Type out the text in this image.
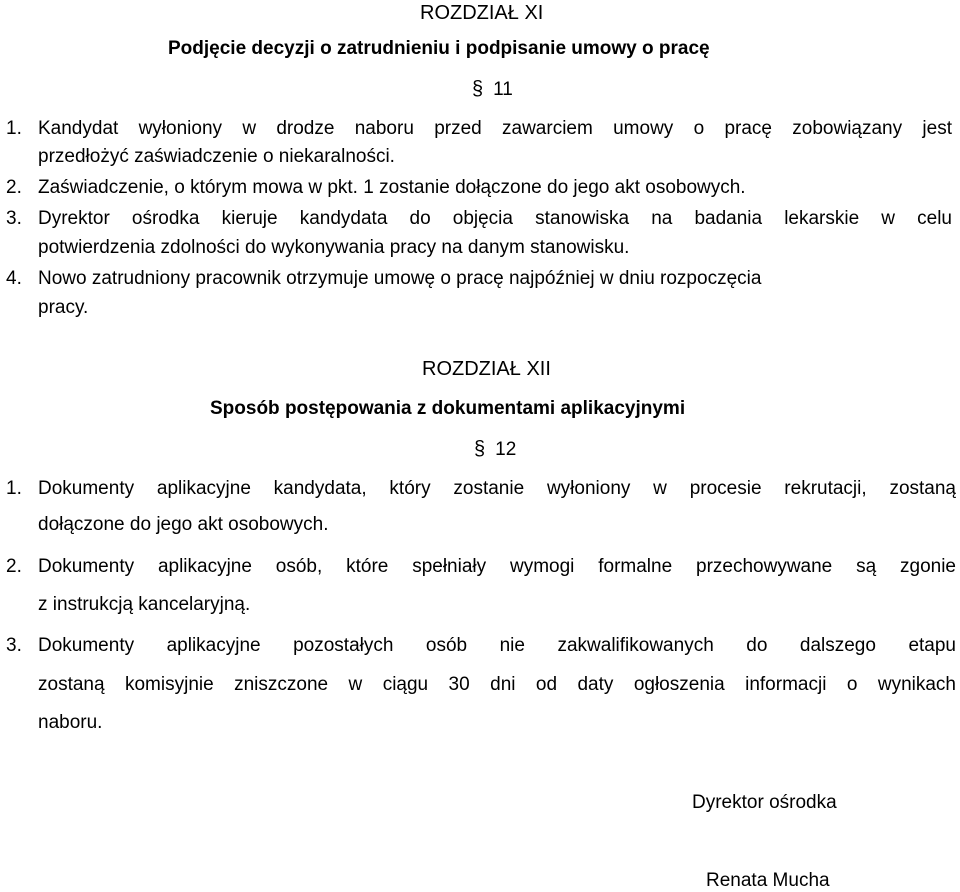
ROZDZIAŁ XI
Podjęcie decyzji o zatrudnieniu i podpisanie umowy o pracę
§ 11
1. Kandydat wyłoniony w drodze naboru przed zawarciem umowy o pracę zobowiązany jest
przedłożyć zaświadczenie o niekaralności.
2. Zaświadczenie, o którym mowa w pkt. 1 zostanie dołączone do jego akt osobowych.
3. Dyrektor ośrodka kieruje kandydata do objęcia stanowiska na badania lekarskie w celu
potwierdzenia zdolności do wykonywania pracy na danym stanowisku.
4. Nowo zatrudniony pracownik otrzymuje umowę o pracę najpóźniej w dniu rozpoczęcia
pracy.
ROZDZIAŁ XII
Sposób postępowania z dokumentami aplikacyjnymi
§ 12
1. Dokumenty aplikacyjne kandydata, który zostanie wyłoniony w procesie rekrutacji, zostaną
dołączone do jego akt osobowych.
2. Dokumenty aplikacyjne osób, które spełniały wymogi formalne przechowywane są zgonie
z instrukcją kancelaryjną.
3. Dokumenty aplikacyjne pozostałych osób nie zakwalifikowanych do dalszego etapu
zostaną komisyjnie zniszczone w ciągu 30 dni od daty ogłoszenia informacji o wynikach
naboru.
Dyrektor ośrodka
Renata Mucha
